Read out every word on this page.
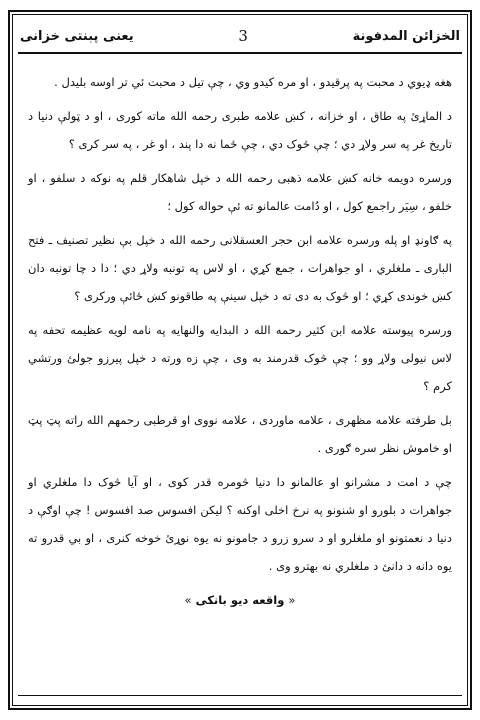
یعنی پبنتی خزانی	3	الخزائن المدفونة

هغه ډیوي د محبت په پرقیدو ، او مره کیدو وي ، چې تیل د محبت ئي تر اوسه بلیدل .

د الماړئ په طاق ، او خزانه ، کښ علامه طبری رحمه الله ماته کوری ، او د ټولې دنیا د تاریخ غر په سر ولاړ دي ؛ چې څوک دي ، چې ځما نه دا پند ، او غر ، په سر کری ؟

ورسره دویمه خانه کښ علامه ذهبی رحمه الله د خپل شاهکار قلم په نوکه د سلفو ، او خلفو ، سِیَر راجمع کول ، او دُامت عالمانو ته ئې حواله کول ؛

په ګاونډ او پله ورسره علامه ابن حجر العسقلانی رحمه الله د خپل بې نظیر تصنیف ـ فتح الباری ـ ملغلري ، او جواهرات ، جمع کړي ، او لاس په تونبه ولاړ دي ؛ دا د چا تونبه دان کښ خوندی کړي ؛ او څوک به دی ته د خپل سینې په طاقونو کښ ځائې ورکری ؟

ورسره پیوسته علامه ابن کثیر رحمه الله د البدایه والنهایه په نامه لویه عظیمه تحفه په لاس نیولی ولاړ وو ؛ چې څوک قدرمند به وی ، چې زه ورته د خپل پیرزو جولئ ورتشي کرم ؟

بل طرفته علامه مظهری ، علامه ماوردی ، علامه نووی او قرطبی رحمهم الله راته پټ پټ او خاموش نظر سره ګوری .

چې د امت د مشرانو او عالمانو دا دنیا څومره قدر کوی ، او آیا څوک دا ملغلري او جواهرات د بلورو او شنونو په نرخ اخلی اوکنه ؟ لیکن افسوس صد افسوس ! چې اوګې د دنیا د نعمتونو او ملغلرو او د سرو زرو د جامونو نه یوه نوړئ خوخه کنری ، او بي قدرو ته یوه دانه د دانئ د ملغلري نه بهترو وی .

« واقعه دیو بانکی »
